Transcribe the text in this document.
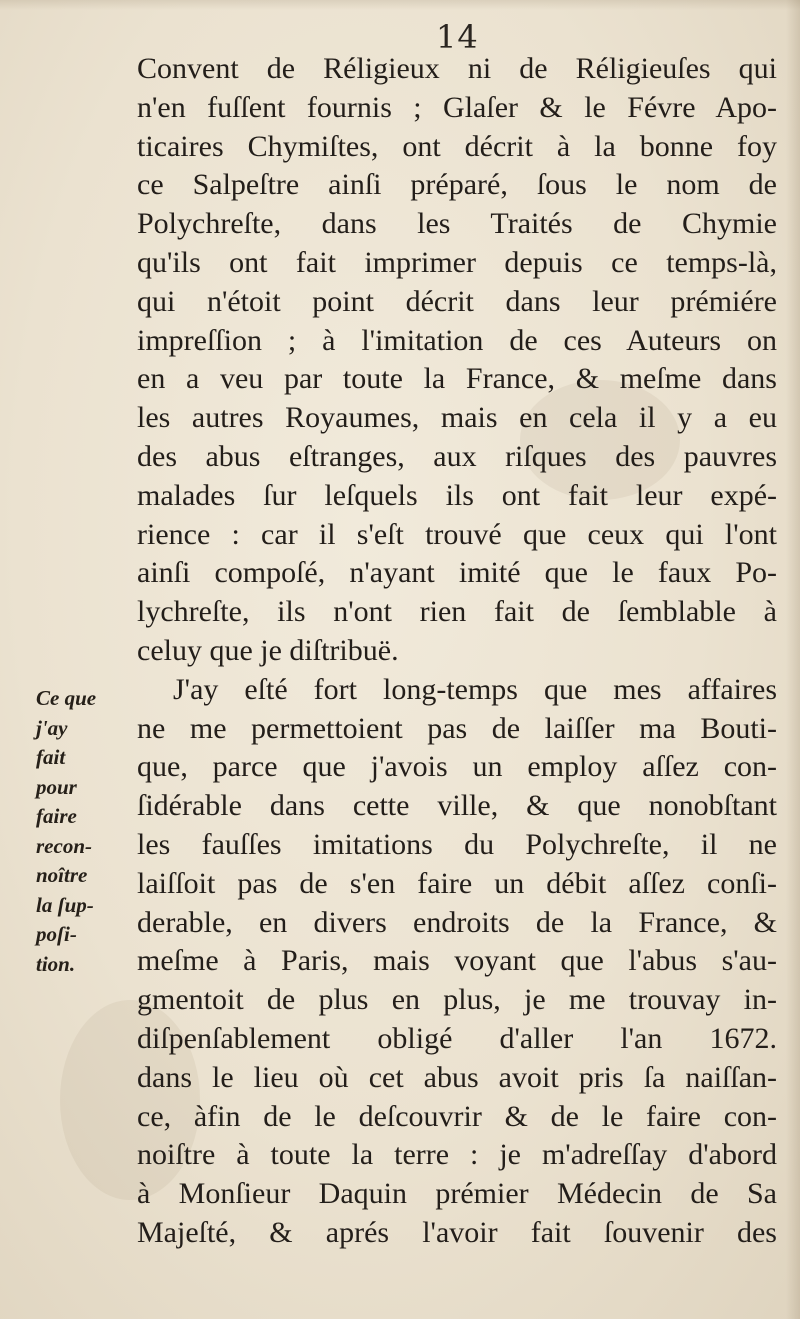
14
Convent de Réligieux ni de Réligieuſes qui
n'en fuſſent fournis ; Glaſer & le Févre Apo-
ticaires Chymiſtes, ont décrit à la bonne foy
ce Salpeſtre ainſi préparé, ſous le nom de
Polychreſte, dans les Traités de Chymie
qu'ils ont fait imprimer depuis ce temps-là,
qui n'étoit point décrit dans leur prémiére
impreſſion ; à l'imitation de ces Auteurs on
en a veu par toute la France, & meſme dans
les autres Royaumes, mais en cela il y a eu
des abus eſtranges, aux riſques des pauvres
malades ſur leſquels ils ont fait leur expé-
rience : car il s'eſt trouvé que ceux qui l'ont
ainſi compoſé, n'ayant imité que le faux Po-
lychreſte, ils n'ont rien fait de ſemblable à
celuy que je diſtribuë.
J'ay eſté fort long-temps que mes affaires
ne me permettoient pas de laiſſer ma Bouti-
que, parce que j'avois un employ aſſez con-
ſidérable dans cette ville, & que nonobſtant
les fauſſes imitations du Polychreſte, il ne
laiſſoit pas de s'en faire un débit aſſez conſi-
derable, en divers endroits de la France, &
meſme à Paris, mais voyant que l'abus s'au-
gmentoit de plus en plus, je me trouvay in-
diſpenſablement obligé d'aller l'an 1672.
dans le lieu où cet abus avoit pris ſa naiſſan-
ce, àfin de le deſcouvrir & de le faire con-
noiſtre à toute la terre : je m'adreſſay d'abord
à Monſieur Daquin prémier Médecin de Sa
Majeſté, & aprés l'avoir fait ſouvenir des
Ce que
j'ay
fait
pour
faire
recon-
noître
la ſup-
poſi-
tion.
